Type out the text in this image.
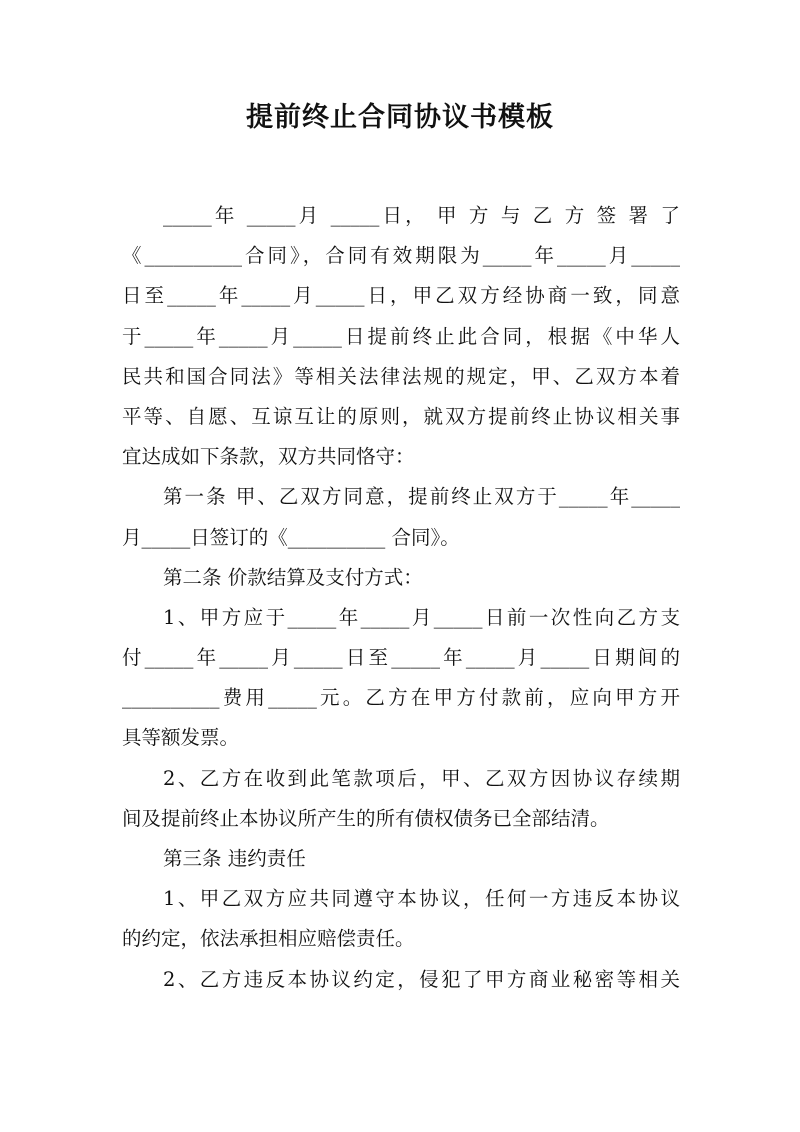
提前终止合同协议书模板
_____年 _____月 _____日， 甲 方 与 乙 方 签 署 了
《__________合同》，合同有效期限为_____年_____月_____
日至_____年_____月_____日，甲乙双方经协商一致，同意
于_____年_____月_____日提前终止此合同，根据《中华人
民共和国合同法》等相关法律法规的规定，甲、乙双方本着
平等、自愿、互谅互让的原则，就双方提前终止协议相关事
宜达成如下条款，双方共同恪守：
第一条 甲、乙双方同意，提前终止双方于_____年_____
月_____日签订的《__________ 合同》。
第二条 价款结算及支付方式：
1、甲方应于_____年_____月_____日前一次性向乙方支
付_____年_____月_____日至_____年_____月_____日期间的
__________费用_____元。乙方在甲方付款前，应向甲方开
具等额发票。
2、乙方在收到此笔款项后，甲、乙双方因协议存续期
间及提前终止本协议所产生的所有债权债务已全部结清。
第三条 违约责任
1、甲乙双方应共同遵守本协议，任何一方违反本协议
的约定，依法承担相应赔偿责任。
2、乙方违反本协议约定，侵犯了甲方商业秘密等相关
